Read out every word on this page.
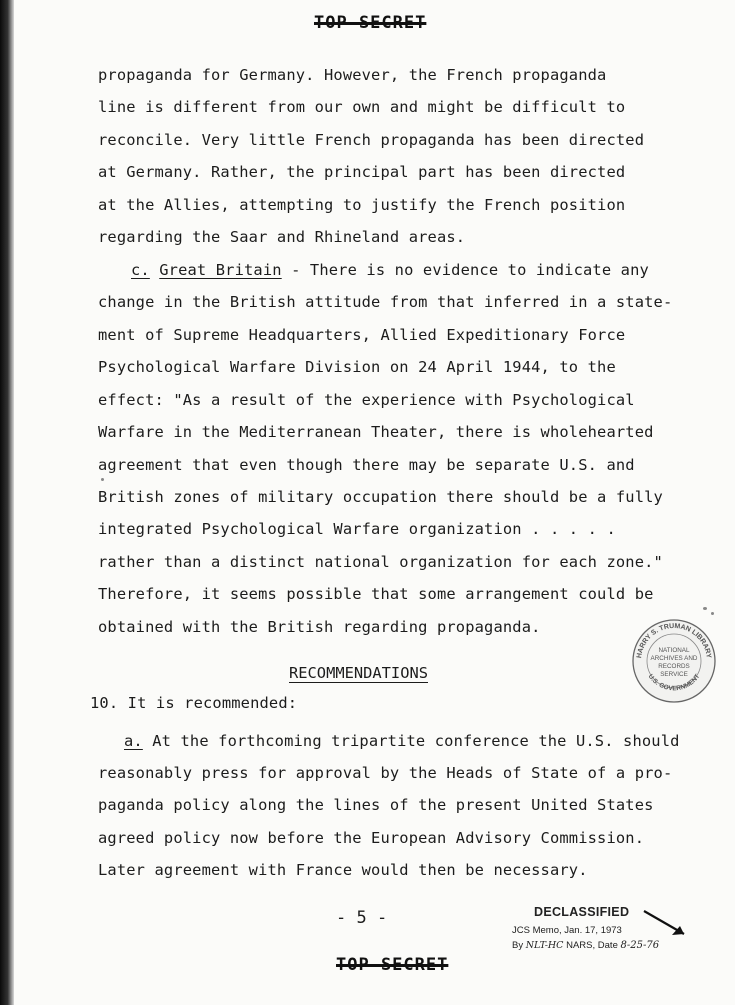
TOP SECRET
propaganda for Germany. However, the French propaganda
line is different from our own and might be difficult to
reconcile. Very little French propaganda has been directed
at Germany. Rather, the principal part has been directed
at the Allies, attempting to justify the French position
regarding the Saar and Rhineland areas.
c. Great Britain - There is no evidence to indicate any
change in the British attitude from that inferred in a state-
ment of Supreme Headquarters, Allied Expeditionary Force
Psychological Warfare Division on 24 April 1944, to the
effect: "As a result of the experience with Psychological
Warfare in the Mediterranean Theater, there is wholehearted
agreement that even though there may be separate U.S. and
British zones of military occupation there should be a fully
integrated Psychological Warfare organization . . . . .
rather than a distinct national organization for each zone."
Therefore, it seems possible that some arrangement could be
obtained with the British regarding propaganda.
RECOMMENDATIONS
10. It is recommended:
a. At the forthcoming tripartite conference the U.S. should
reasonably press for approval by the Heads of State of a pro-
paganda policy along the lines of the present United States
agreed policy now before the European Advisory Commission.
Later agreement with France would then be necessary.
- 5 -
TOP SECRET
HARRY S. TRUMAN LIBRARY
U.S. GOVERNMENT
NATIONAL
ARCHIVES AND
RECORDS
SERVICE
DECLASSIFIED
JCS Memo, Jan. 17, 1973
By NLT-HC NARS, Date 8-25-76
